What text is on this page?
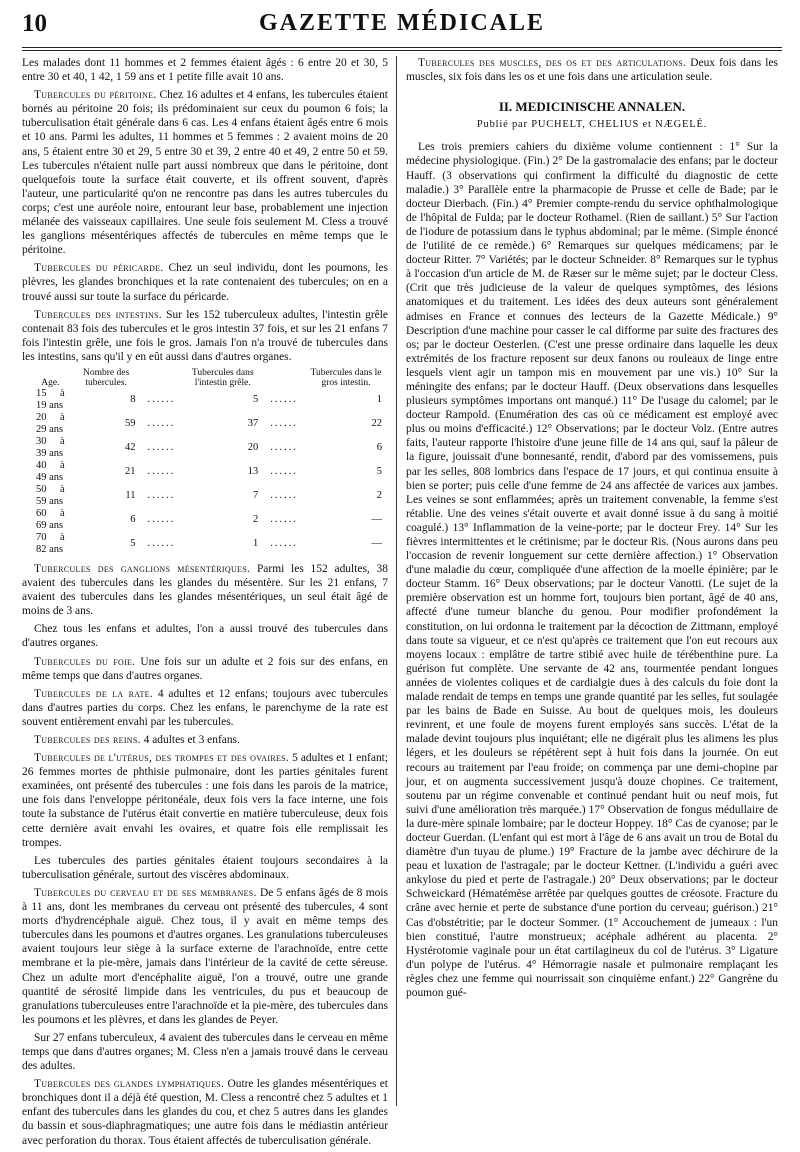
10	GAZETTE MÉDICALE

Les malades dont 11 hommes et 2 femmes étaient âgés : 6 entre 20 et 30, 5 entre 30 et 40, 1 42, 1 59 ans et 1 petite fille avait 10 ans.

Tubercules du péritoine. Chez 16 adultes et 4 enfans, les tubercules étaient bornés au péritoine 20 fois; ils prédominaient sur ceux du poumon 6 fois; la tuberculisation était générale dans 6 cas. Les 4 enfans étaient âgés entre 6 mois et 10 ans. Parmi les adultes, 11 hommes et 5 femmes : 2 avaient moins de 20 ans, 5 étaient entre 30 et 29, 5 entre 30 et 39, 2 entre 40 et 49, 2 entre 50 et 59. Les tubercules n'étaient nulle part aussi nombreux que dans le péritoine, dont quelquefois toute la surface était couverte, et ils offrent souvent, d'après l'auteur, une particularité qu'on ne rencontre pas dans les autres tubercules du corps; c'est une auréole noire, entourant leur base, probablement une injection mélanée des vaisseaux capillaires. Une seule fois seulement M. Cless a trouvé les ganglions mésentériques affectés de tubercules en même temps que le péritoine.

Tubercules du péricarde. Chez un seul individu, dont les poumons, les plèvres, les glandes bronchiques et la rate contenaient des tubercules; on en a trouvé aussi sur toute la surface du péricarde.

Tubercules des intestins. Sur les 152 tuberculeux adultes, l'intestin grêle contenait 83 fois des tubercules et le gros intestin 37 fois, et sur les 21 enfans 7 fois l'intestin grêle, une fois le gros. Jamais l'on n'a trouvé de tubercules dans les intestins, sans qu'il y en eût aussi dans d'autres organes.

Age.	Nombre des tubercules.		Tubercules dans l'intestin grêle.		Tubercules dans le gros intestin.
15 à 19 ans	8	......	5	......	1
20 à 29 ans	59	......	37	......	22
30 à 39 ans	42	......	20	......	6
40 à 49 ans	21	......	13	......	5
50 à 59 ans	11	......	7	......	2
60 à 69 ans	6	......	2	......	—
70 à 82 ans	5	......	1	......	—

Tubercules des ganglions mésentériques. Parmi les 152 adultes, 38 avaient des tubercules dans les glandes du mésentère. Sur les 21 enfans, 7 avaient des tubercules dans les glandes mésentériques, un seul était âgé de moins de 3 ans.

Chez tous les enfans et adultes, l'on a aussi trouvé des tubercules dans d'autres organes.

Tubercules du foie. Une fois sur un adulte et 2 fois sur des enfans, en même temps que dans d'autres organes.

Tubercules de la rate. 4 adultes et 12 enfans; toujours avec tubercules dans d'autres parties du corps. Chez les enfans, le parenchyme de la rate est souvent entièrement envahi par les tubercules.

Tubercules des reins. 4 adultes et 3 enfans.

Tubercules de l'utérus, des trompes et des ovaires. 5 adultes et 1 enfant; 26 femmes mortes de phthisie pulmonaire, dont les parties génitales furent examinées, ont présenté des tubercules : une fois dans les parois de la matrice, une fois dans l'enveloppe péritonéale, deux fois vers la face interne, une fois toute la substance de l'utérus était convertie en matière tuberculeuse, deux fois cette dernière avait envahi les ovaires, et quatre fois elle remplissait les trompes.

Les tubercules des parties génitales étaient toujours secondaires à la tuberculisation générale, surtout des viscères abdominaux.

Tubercules du cerveau et de ses membranes. De 5 enfans âgés de 8 mois à 11 ans, dont les membranes du cerveau ont présenté des tubercules, 4 sont morts d'hydrencéphale aiguë. Chez tous, il y avait en même temps des tubercules dans les poumons et d'autres organes. Les granulations tuberculeuses avaient toujours leur siège à la surface externe de l'arachnoïde, entre cette membrane et la pie-mère, jamais dans l'intérieur de la cavité de cette séreuse. Chez un adulte mort d'encéphalite aiguë, l'on a trouvé, outre une grande quantité de sérosité limpide dans les ventricules, du pus et beaucoup de granulations tuberculeuses entre l'arachnoïde et la pie-mère, des tubercules dans les poumons et les plèvres, et dans les glandes de Peyer.

Sur 27 enfans tuberculeux, 4 avaient des tubercules dans le cerveau en même temps que dans d'autres organes; M. Cless n'en a jamais trouvé dans le cerveau des adultes.

Tubercules des glandes lymphatiques. Outre les glandes mésentériques et bronchiques dont il a déjà été question, M. Cless a rencontré chez 5 adultes et 1 enfant des tubercules dans les glandes du cou, et chez 5 autres dans les glandes du bassin et sous-diaphragmatiques; une autre fois dans le médiastin antérieur avec perforation du thorax. Tous étaient affectés de tuberculisation générale.

Tubercules des muscles, des os et des articulations. Deux fois dans les muscles, six fois dans les os et une fois dans une articulation seule.

II. MEDICINISCHE ANNALEN.
Publié par PUCHELT, CHELIUS et NÆGELÉ.

Les trois premiers cahiers du dixième volume contiennent : 1° Sur la médecine physiologique. (Fin.) 2° De la gastromalacie des enfans; par le docteur Hauff. (3 observations qui confirment la difficulté du diagnostic de cette maladie.) 3° Parallèle entre la pharmacopie de Prusse et celle de Bade; par le docteur Dierbach. (Fin.) 4° Premier compte-rendu du service ophthalmologique de l'hôpital de Fulda; par le docteur Rothamel. (Rien de saillant.) 5° Sur l'action de l'iodure de potassium dans le typhus abdominal; par le même. (Simple énoncé de l'utilité de ce remède.) 6° Remarques sur quelques médicamens; par le docteur Ritter. 7° Variétés; par le docteur Schneider. 8° Remarques sur le typhus à l'occasion d'un article de M. de Ræser sur le même sujet; par le docteur Cless. (Crit que très judicieuse de la valeur de quelques symptômes, des lésions anatomiques et du traitement. Les idées des deux auteurs sont généralement admises en France et connues des lecteurs de la Gazette Médicale.) 9° Description d'une machine pour casser le cal difforme par suite des fractures des os; par le docteur Oesterlen. (C'est une presse ordinaire dans laquelle les deux extrémités de los fracture reposent sur deux fanons ou rouleaux de linge entre lesquels vient agir un tampon mis en mouvement par une vis.) 10° Sur la méningite des enfans; par le docteur Hauff. (Deux observations dans lesquelles plusieurs symptômes importans ont manqué.) 11° De l'usage du calomel; par le docteur Rampold. (Enumération des cas où ce médicament est employé avec plus ou moins d'efficacité.) 12° Observations; par le docteur Volz. (Entre autres faits, l'auteur rapporte l'histoire d'une jeune fille de 14 ans qui, sauf la pâleur de la figure, jouissait d'une bonnesanté, rendit, d'abord par des vomissemens, puis par les selles, 808 lombrics dans l'espace de 17 jours, et qui continua ensuite à bien se porter; puis celle d'une femme de 24 ans affectée de varices aux jambes. Les veines se sont enflammées; après un traitement convenable, la femme s'est rétablie. Une des veines s'était ouverte et avait donné issue à du sang à moitié coagulé.) 13° Inflammation de la veine-porte; par le docteur Frey. 14° Sur les fièvres intermittentes et le crétinisme; par le docteur Ris. (Nous aurons dans peu l'occasion de revenir longuement sur cette dernière affection.) 1° Observation d'une maladie du cœur, compliquée d'une affection de la moelle épinière; par le docteur Stamm. 16° Deux observations; par le docteur Vanotti. (Le sujet de la première observation est un homme fort, toujours bien portant, âgé de 40 ans, affecté d'une tumeur blanche du genou. Pour modifier profondément la constitution, on lui ordonna le traitement par la décoction de Zittmann, employé dans toute sa vigueur, et ce n'est qu'après ce traitement que l'on eut recours aux moyens locaux : emplâtre de tartre stibié avec huile de térébenthine pure. La guérison fut complète. Une servante de 42 ans, tourmentée pendant longues années de violentes coliques et de cardialgie dues à des calculs du foie dont la malade rendait de temps en temps une grande quantité par les selles, fut soulagée par les bains de Bade en Suisse. Au bout de quelques mois, les douleurs revinrent, et une foule de moyens furent employés sans succès. L'état de la malade devint toujours plus inquiétant; elle ne digérait plus les alimens les plus légers, et les douleurs se répétèrent sept à huit fois dans la journée. On eut recours au traitement par l'eau froide; on commença par une demi-chopine par jour, et on augmenta successivement jusqu'à douze chopines. Ce traitement, soutenu par un régime convenable et continué pendant huit ou neuf mois, fut suivi d'une amélioration très marquée.) 17° Observation de fongus médullaire de la dure-mère spinale lombaire; par le docteur Hoppey. 18° Cas de cyanose; par le docteur Guerdan. (L'enfant qui est mort à l'âge de 6 ans avait un trou de Botal du diamètre d'un tuyau de plume.) 19° Fracture de la jambe avec déchirure de la peau et luxation de l'astragale; par le docteur Kettner. (L'individu a guéri avec ankylose du pied et perte de l'astragale.) 20° Deux observations; par le docteur Schweickard (Hématémèse arrêtée par quelques gouttes de créosote. Fracture du crâne avec hernie et perte de substance d'une portion du cerveau; guérison.) 21° Cas d'obstétritie; par le docteur Sommer. (1° Accouchement de jumeaux : l'un bien constitué, l'autre monstrueux; acéphale adhérent au placenta. 2° Hystérotomie vaginale pour un état cartilagineux du col de l'utérus. 3° Ligature d'un polype de l'utérus. 4° Hémorragie nasale et pulmonaire remplaçant les règles chez une femme qui nourrissait son cinquième enfant.) 22° Gangrène du poumon gué-
